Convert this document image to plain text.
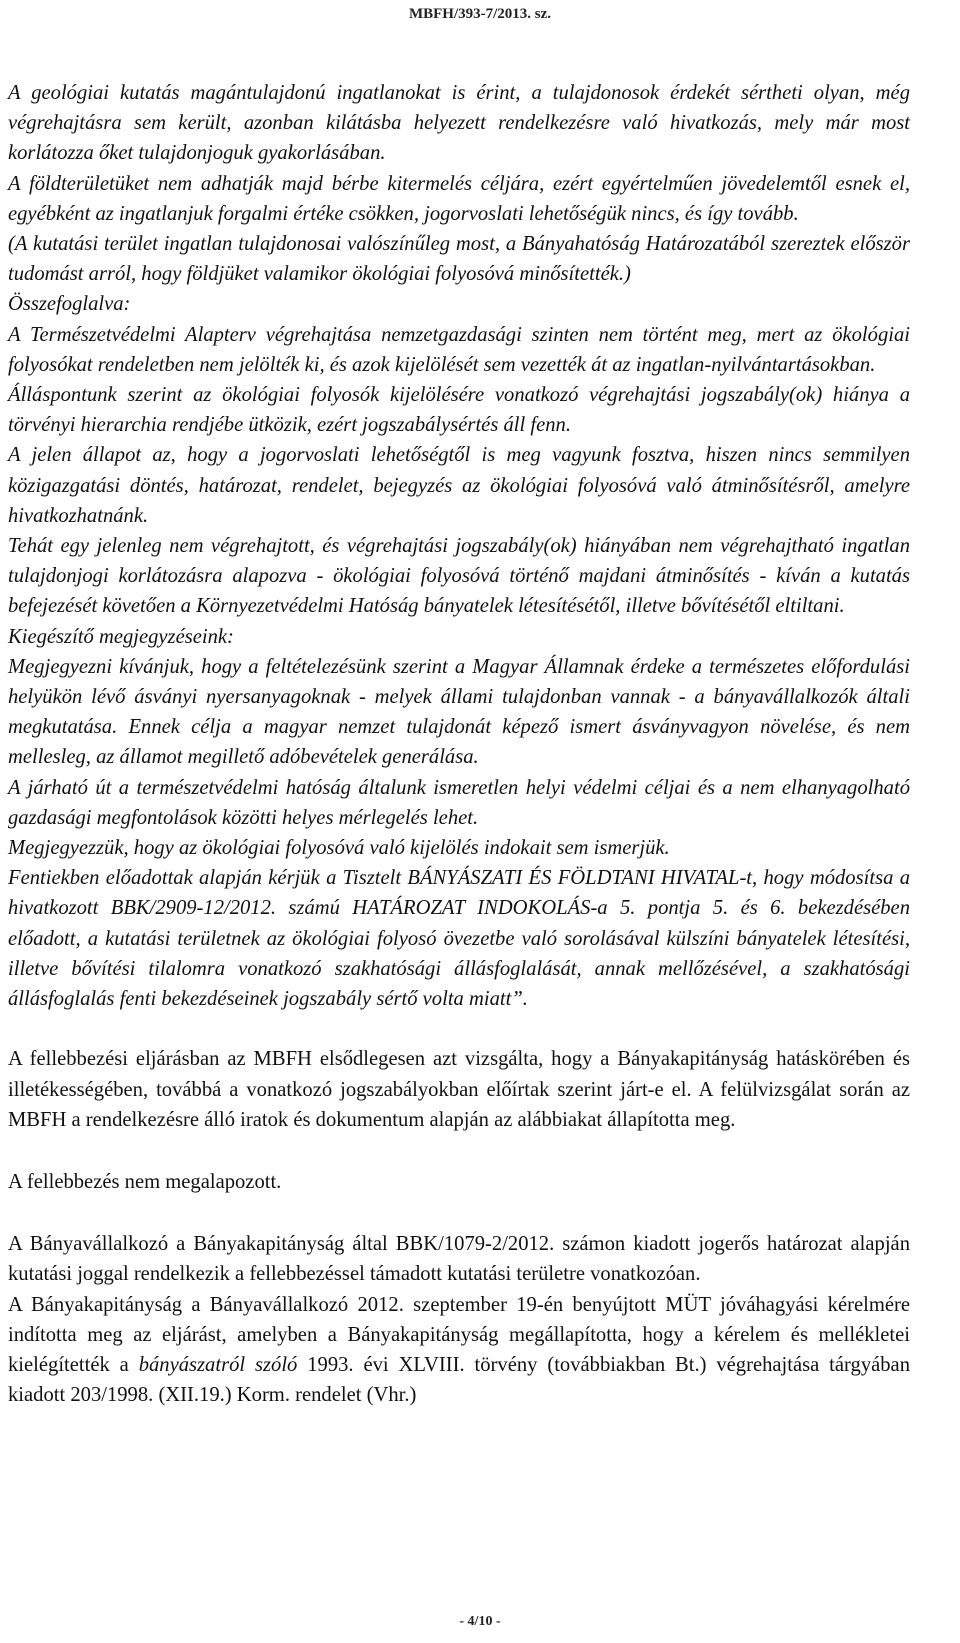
MBFH/393-7/2013. sz.

A geológiai kutatás magántulajdonú ingatlanokat is érint, a tulajdonosok érdekét sértheti olyan, még végrehajtásra sem került, azonban kilátásba helyezett rendelkezésre való hivatkozás, mely már most korlátozza őket tulajdonjoguk gyakorlásában.

A földterületüket nem adhatják majd bérbe kitermelés céljára, ezért egyértelműen jövedelemtől esnek el, egyébként az ingatlanjuk forgalmi értéke csökken, jogorvoslati lehetőségük nincs, és így tovább.

(A kutatási terület ingatlan tulajdonosai valószínűleg most, a Bányahatóság Határozatából szereztek először tudomást arról, hogy földjüket valamikor ökológiai folyosóvá minősítették.)

Összefoglalva:

A Természetvédelmi Alapterv végrehajtása nemzetgazdasági szinten nem történt meg, mert az ökológiai folyosókat rendeletben nem jelölték ki, és azok kijelölését sem vezették át az ingatlan-nyilvántartásokban.

Álláspontunk szerint az ökológiai folyosók kijelölésére vonatkozó végrehajtási jogszabály(ok) hiánya a törvényi hierarchia rendjébe ütközik, ezért jogszabálysértés áll fenn.

A jelen állapot az, hogy a jogorvoslati lehetőségtől is meg vagyunk fosztva, hiszen nincs semmilyen közigazgatási döntés, határozat, rendelet, bejegyzés az ökológiai folyosóvá való átminősítésről, amelyre hivatkozhatnánk.

Tehát egy jelenleg nem végrehajtott, és végrehajtási jogszabály(ok) hiányában nem végrehajtható ingatlan tulajdonjogi korlátozásra alapozva - ökológiai folyosóvá történő majdani átminősítés - kíván a kutatás befejezését követően a Környezetvédelmi Hatóság bányatelek létesítésétől, illetve bővítésétől eltiltani.

Kiegészítő megjegyzéseink:

Megjegyezni kívánjuk, hogy a feltételezésünk szerint a Magyar Államnak érdeke a természetes előfordulási helyükön lévő ásványi nyersanyagoknak - melyek állami tulajdonban vannak - a bányavállalkozók általi megkutatása. Ennek célja a magyar nemzet tulajdonát képező ismert ásványvagyon növelése, és nem mellesleg, az államot megillető adóbevételek generálása.

A járható út a természetvédelmi hatóság általunk ismeretlen helyi védelmi céljai és a nem elhanyagolható gazdasági megfontolások közötti helyes mérlegelés lehet.

Megjegyezzük, hogy az ökológiai folyosóvá való kijelölés indokait sem ismerjük.

Fentiekben előadottak alapján kérjük a Tisztelt BÁNYÁSZATI ÉS FÖLDTANI HIVATAL-t, hogy módosítsa a hivatkozott BBK/2909-12/2012. számú HATÁROZAT INDOKOLÁS-a 5. pontja 5. és 6. bekezdésében előadott, a kutatási területnek az ökológiai folyosó övezetbe való sorolásával külszíni bányatelek létesítési, illetve bővítési tilalomra vonatkozó szakhatósági állásfoglalását, annak mellőzésével, a szakhatósági állásfoglalás fenti bekezdéseinek jogszabály sértő volta miatt”.

A fellebbezési eljárásban az MBFH elsődlegesen azt vizsgálta, hogy a Bányakapitányság hatáskörében és illetékességében, továbbá a vonatkozó jogszabályokban előírtak szerint járt-e el. A felülvizsgálat során az MBFH a rendelkezésre álló iratok és dokumentum alapján az alábbiakat állapította meg.

A fellebbezés nem megalapozott.

A Bányavállalkozó a Bányakapitányság által BBK/1079-2/2012. számon kiadott jogerős határozat alapján kutatási joggal rendelkezik a fellebbezéssel támadott kutatási területre vonatkozóan.

A Bányakapitányság a Bányavállalkozó 2012. szeptember 19-én benyújtott MÜT jóváhagyási kérelmére indította meg az eljárást, amelyben a Bányakapitányság megállapította, hogy a kérelem és mellékletei kielégítették a bányászatról szóló 1993. évi XLVIII. törvény (továbbiakban Bt.) végrehajtása tárgyában kiadott 203/1998. (XII.19.) Korm. rendelet (Vhr.)

- 4/10 -
